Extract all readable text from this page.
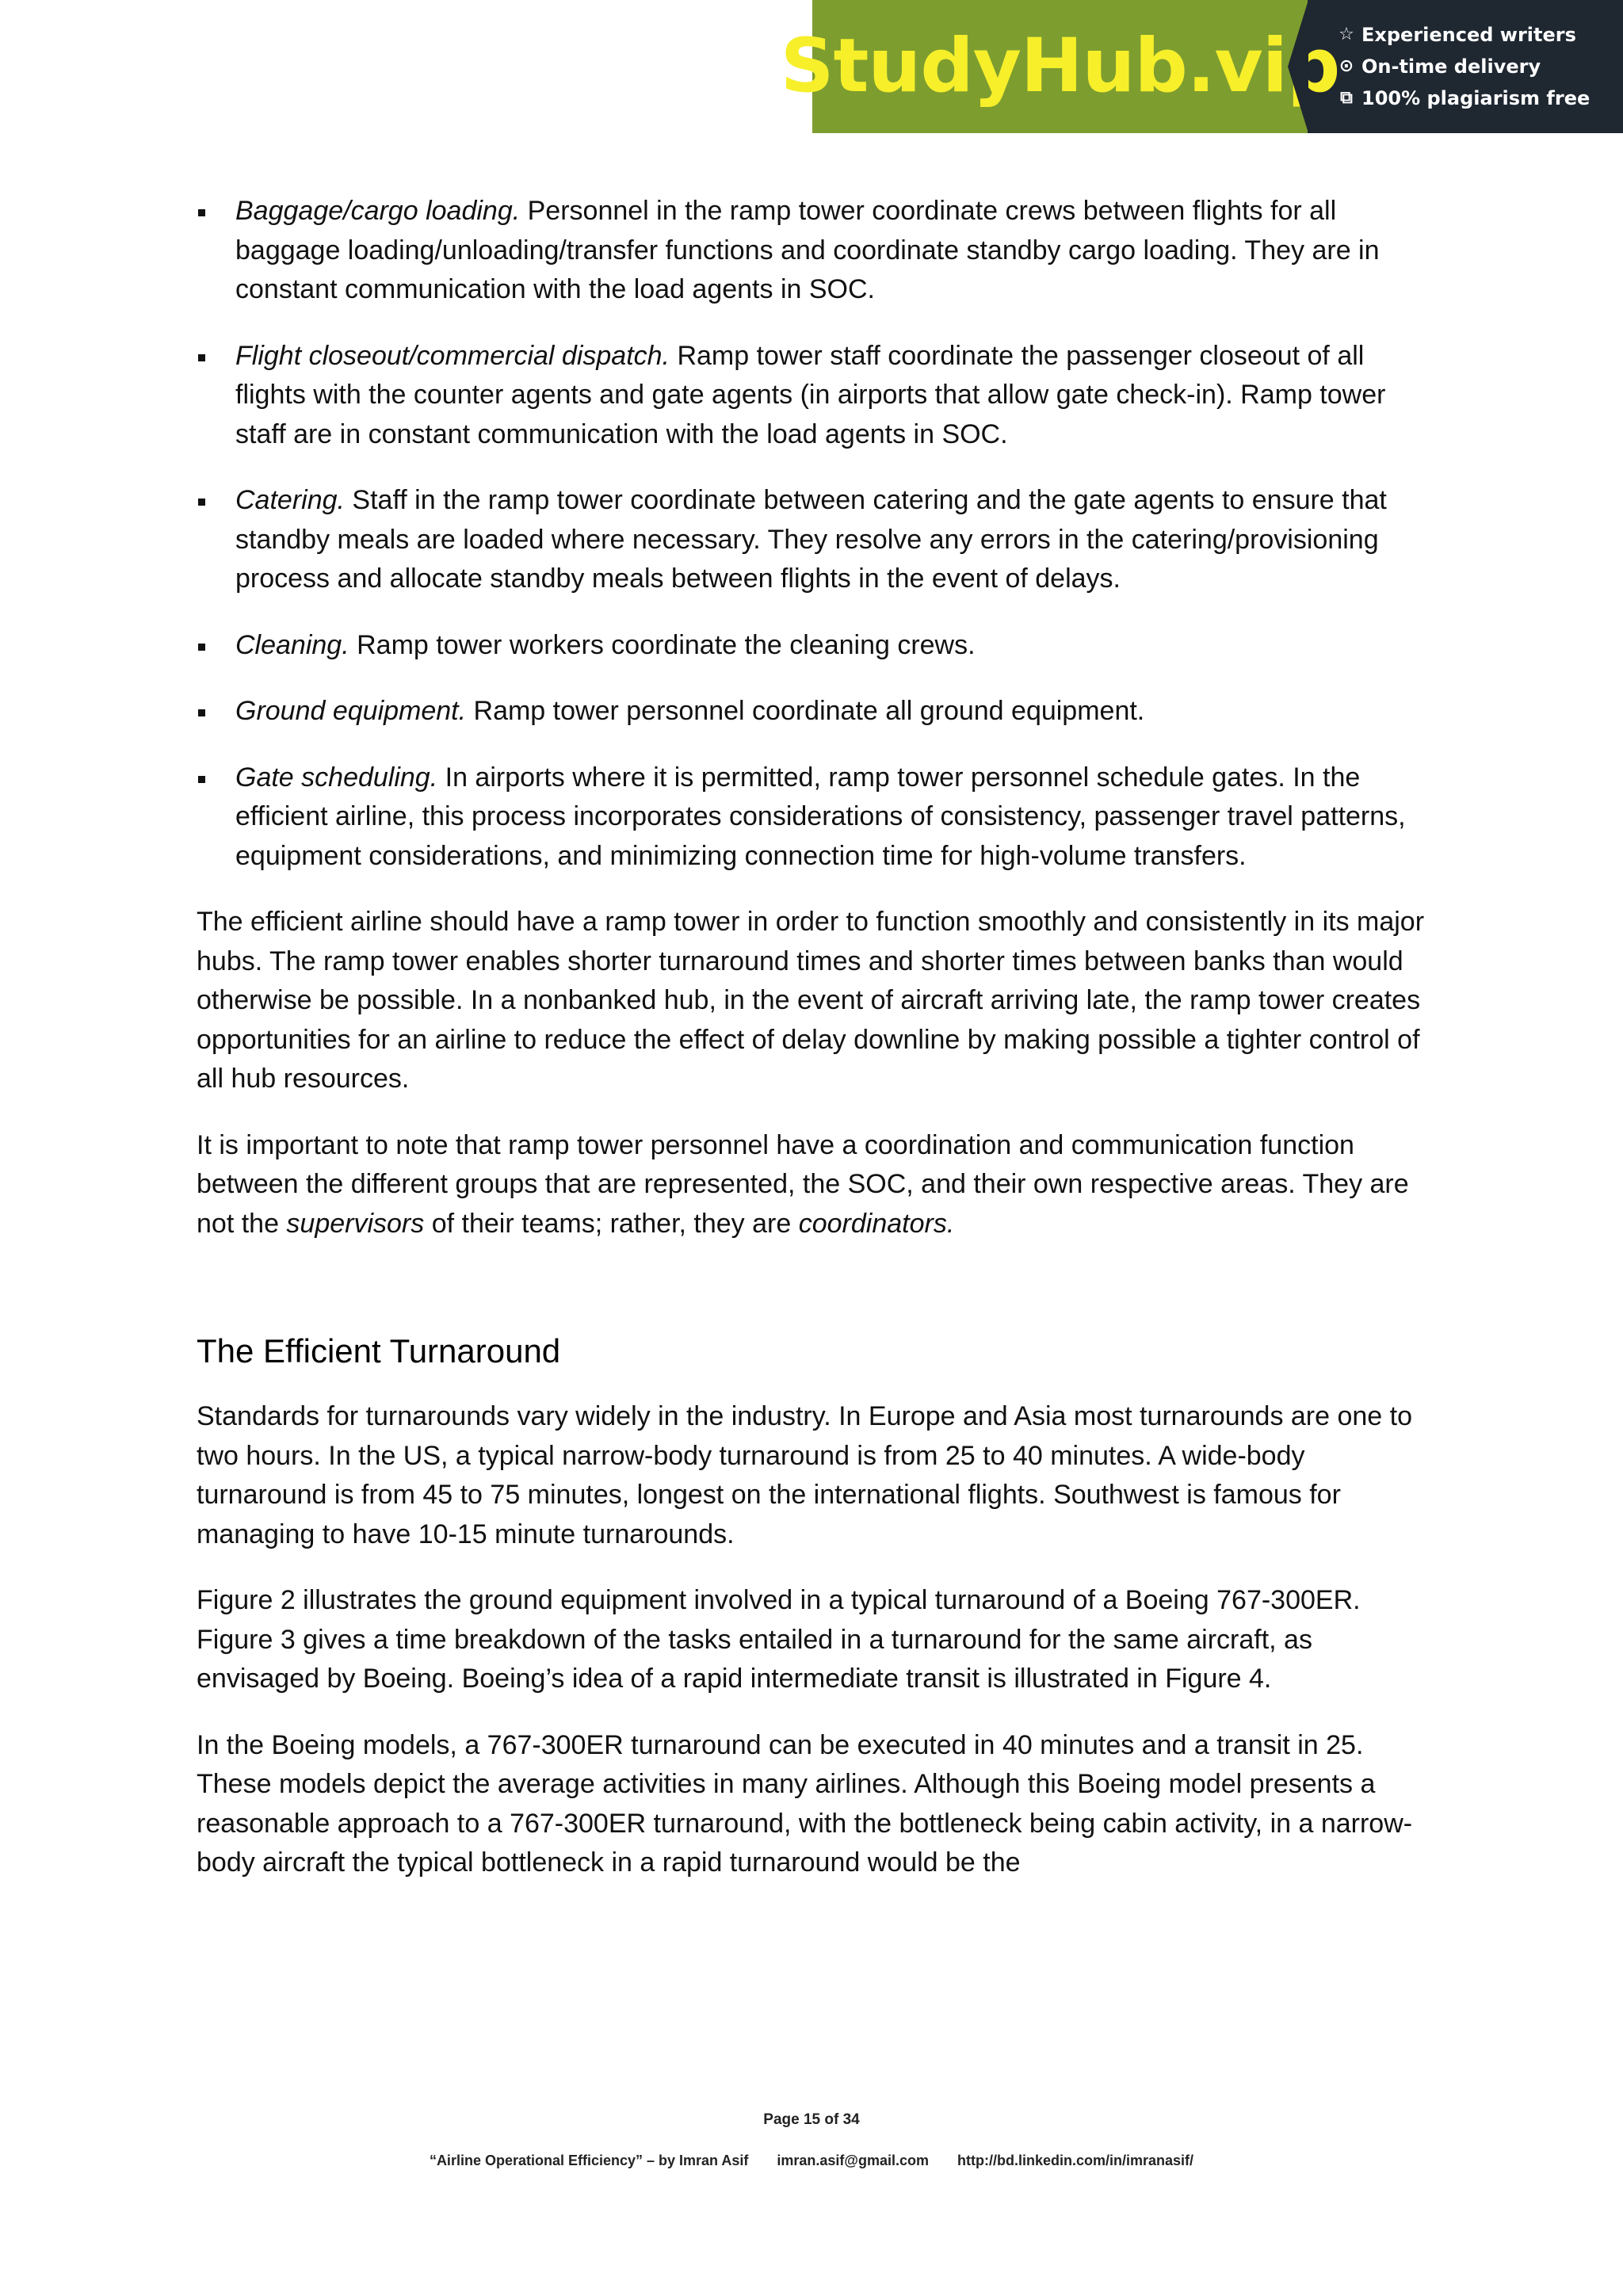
StudyHub.vip
☆ Experienced writers
⊙ On-time delivery
⧉ 100% plagiarism free
Baggage/cargo loading. Personnel in the ramp tower coordinate crews between flights for all baggage loading/unloading/transfer functions and coordinate standby cargo loading. They are in constant communication with the load agents in SOC.
Flight closeout/commercial dispatch. Ramp tower staff coordinate the passenger closeout of all flights with the counter agents and gate agents (in airports that allow gate check-in). Ramp tower staff are in constant communication with the load agents in SOC.
Catering. Staff in the ramp tower coordinate between catering and the gate agents to ensure that standby meals are loaded where necessary. They resolve any errors in the catering/provisioning process and allocate standby meals between flights in the event of delays.
Cleaning. Ramp tower workers coordinate the cleaning crews.
Ground equipment. Ramp tower personnel coordinate all ground equipment.
Gate scheduling. In airports where it is permitted, ramp tower personnel schedule gates. In the efficient airline, this process incorporates considerations of consistency, passenger travel patterns, equipment considerations, and minimizing connection time for high-volume transfers.

The efficient airline should have a ramp tower in order to function smoothly and consistently in its major hubs. The ramp tower enables shorter turnaround times and shorter times between banks than would otherwise be possible. In a nonbanked hub, in the event of aircraft arriving late, the ramp tower creates opportunities for an airline to reduce the effect of delay downline by making possible a tighter control of all hub resources.

It is important to note that ramp tower personnel have a coordination and communication function between the different groups that are represented, the SOC, and their own respective areas. They are not the supervisors of their teams; rather, they are coordinators.

The Efficient Turnaround

Standards for turnarounds vary widely in the industry. In Europe and Asia most turnarounds are one to two hours. In the US, a typical narrow-body turnaround is from 25 to 40 minutes. A wide-body turnaround is from 45 to 75 minutes, longest on the international flights. Southwest is famous for managing to have 10-15 minute turnarounds.

Figure 2 illustrates the ground equipment involved in a typical turnaround of a Boeing 767-300ER. Figure 3 gives a time breakdown of the tasks entailed in a turnaround for the same aircraft, as envisaged by Boeing. Boeing’s idea of a rapid intermediate transit is illustrated in Figure 4.

In the Boeing models, a 767-300ER turnaround can be executed in 40 minutes and a transit in 25. These models depict the average activities in many airlines. Although this Boeing model presents a reasonable approach to a 767-300ER turnaround, with the bottleneck being cabin activity, in a narrow-body aircraft the typical bottleneck in a rapid turnaround would be the

Page 15 of 34
“Airline Operational Efficiency” – by Imran Asif imran.asif@gmail.com http://bd.linkedin.com/in/imranasif/
